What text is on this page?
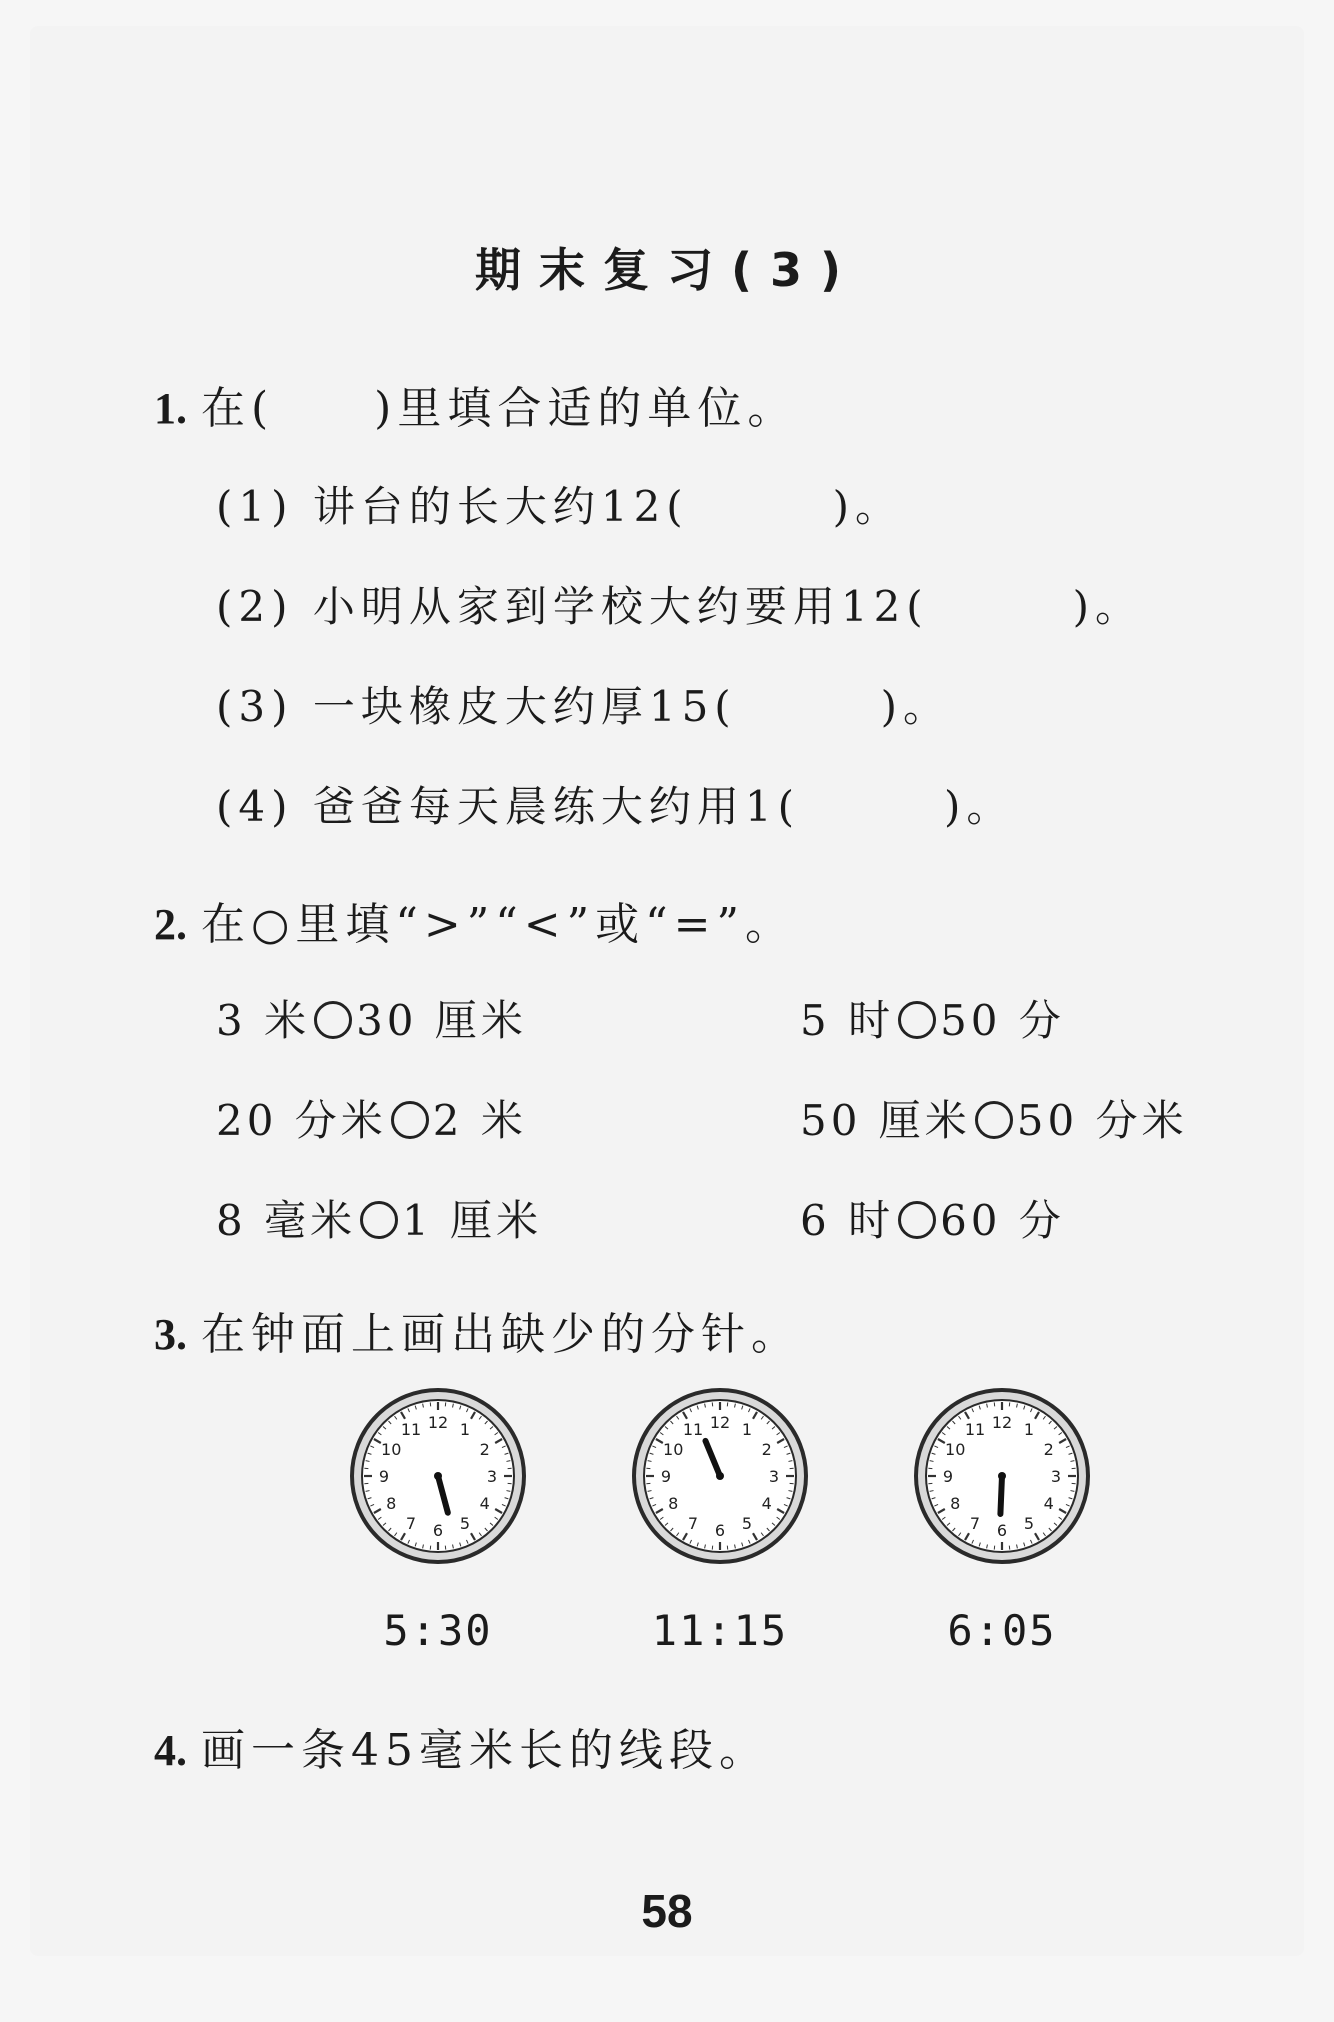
期末复习(3)
1. 在(　　)里填合适的单位。
(1) 讲台的长大约12(　　　)。
(2) 小明从家到学校大约要用12(　　　)。
(3) 一块橡皮大约厚15(　　　)。
(4) 爸爸每天晨练大约用1(　　　)。
2. 在○里填“>”“<”或“=”。
3 米 30 厘米	5 时 50 分
20 分米 2 米	50 厘米 50 分米
8 毫米 1 厘米	6 时 60 分
3. 在钟面上画出缺少的分针。
1
2
3
4
5
6
7
8
9
10
11 12	1
2
3
4
5
6
7
8
9
10
11 12	1
2
3
4
5
6
7
8
9
10
11 12
5:30	11:15	6:05
4. 画一条45毫米长的线段。
58
